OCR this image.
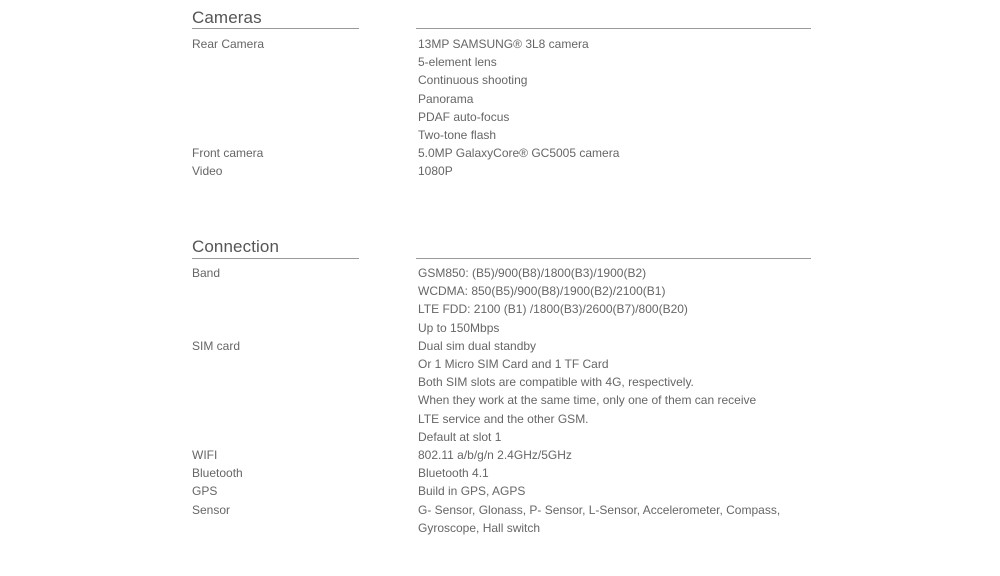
Cameras
Rear Camera	13MP SAMSUNG® 3L8 camera
5-element lens
Continuous shooting
Panorama
PDAF auto-focus
Two-tone flash
Front camera	5.0MP GalaxyCore® GC5005 camera
Video	1080P
Connection
Band	GSM850: (B5)/900(B8)/1800(B3)/1900(B2)
WCDMA: 850(B5)/900(B8)/1900(B2)/2100(B1)
LTE FDD: 2100 (B1) /1800(B3)/2600(B7)/800(B20)
Up to 150Mbps
SIM card	Dual sim dual standby
Or 1 Micro SIM Card and 1 TF Card
Both SIM slots are compatible with 4G, respectively.
When they work at the same time, only one of them can receive
LTE service and the other GSM.
Default at slot 1
WIFI	802.11 a/b/g/n 2.4GHz/5GHz
Bluetooth	Bluetooth 4.1
GPS	Build in GPS, AGPS
Sensor	G- Sensor, Glonass, P- Sensor, L-Sensor, Accelerometer, Compass,
Gyroscope, Hall switch
